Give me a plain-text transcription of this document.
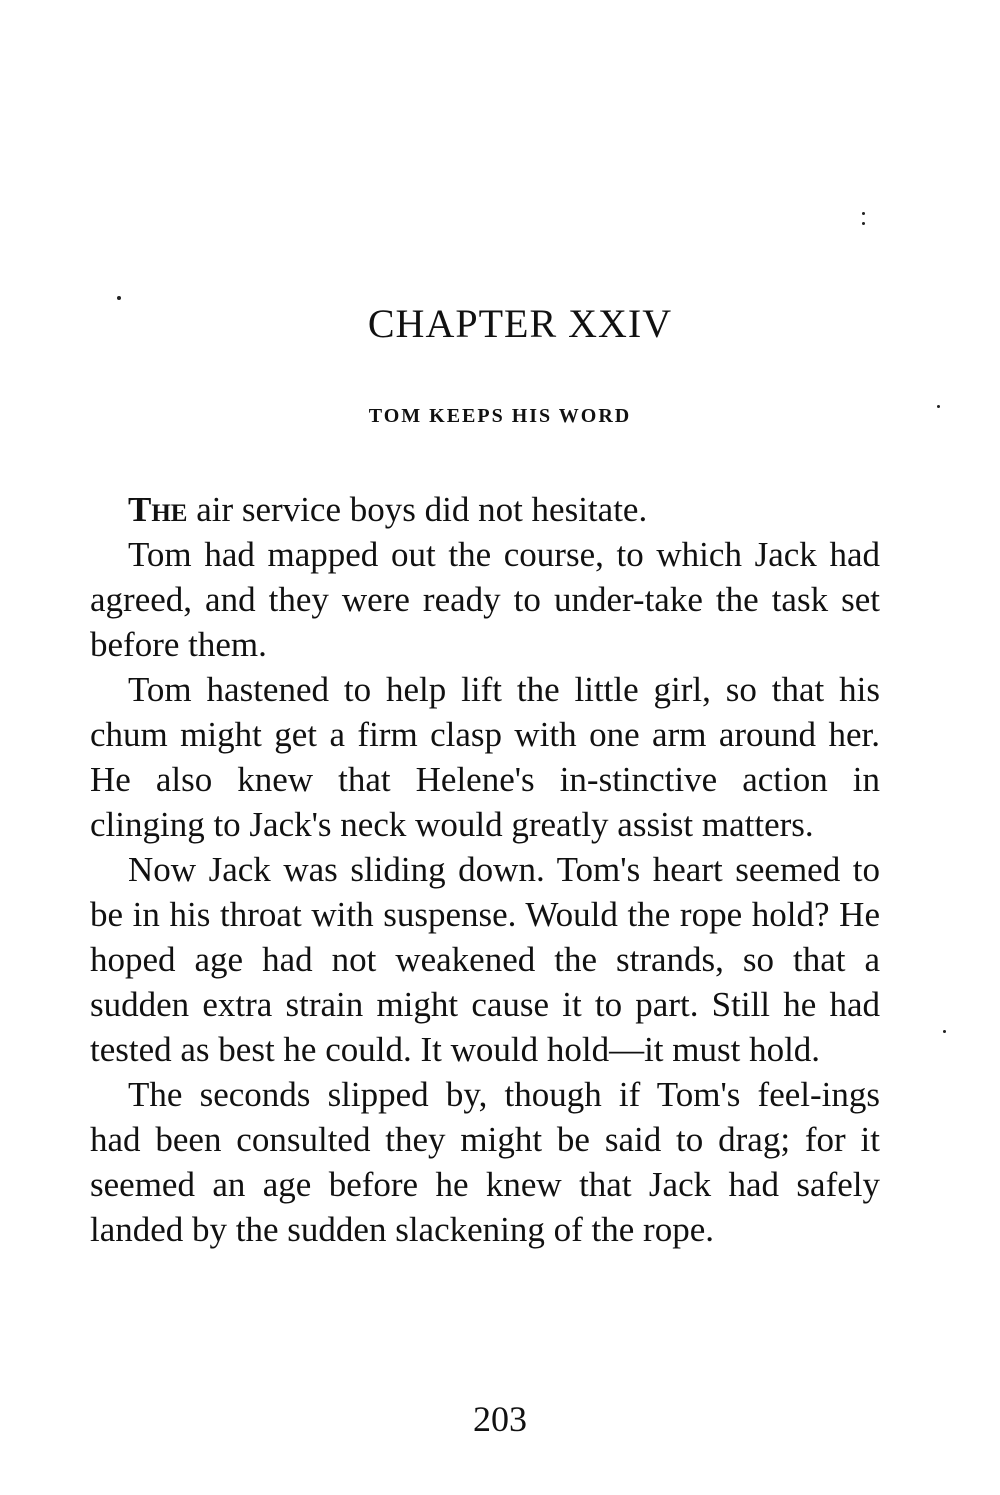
CHAPTER XXIV
TOM KEEPS HIS WORD

The air service boys did not hesitate.

Tom had mapped out the course, to which Jack had agreed, and they were ready to under-take the task set before them.

Tom hastened to help lift the little girl, so that his chum might get a firm clasp with one arm around her. He also knew that Helene's in-stinctive action in clinging to Jack's neck would greatly assist matters.

Now Jack was sliding down. Tom's heart seemed to be in his throat with suspense. Would the rope hold? He hoped age had not weakened the strands, so that a sudden extra strain might cause it to part. Still he had tested as best he could. It would hold—it must hold.

The seconds slipped by, though if Tom's feel-ings had been consulted they might be said to drag; for it seemed an age before he knew that Jack had safely landed by the sudden slackening of the rope.

203
